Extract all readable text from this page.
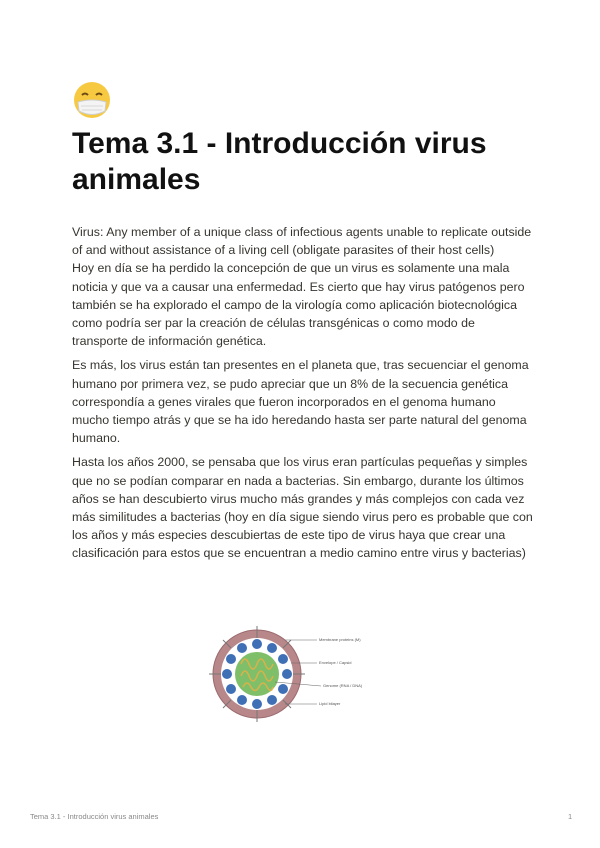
Tema 3.1 - Introducción virus animales

Virus: Any member of a unique class of infectious agents unable to replicate outside of and without assistance of a living cell (obligate parasites of their host cells)
Hoy en día se ha perdido la concepción de que un virus es solamente una mala noticia y que va a causar una enfermedad. Es cierto que hay virus patógenos pero también se ha explorado el campo de la virología como aplicación biotecnológica como podría ser par la creación de células transgénicas o como modo de transporte de información genética.

Es más, los virus están tan presentes en el planeta que, tras secuenciar el genoma humano por primera vez, se pudo apreciar que un 8% de la secuencia genética correspondía a genes virales que fueron incorporados en el genoma humano mucho tiempo atrás y que se ha ido heredando hasta ser parte natural del genoma humano.

Hasta los años 2000, se pensaba que los virus eran partículas pequeñas y simples que no se podían comparar en nada a bacterias. Sin embargo, durante los últimos años se han descubierto virus mucho más grandes y más complejos con cada vez más similitudes a bacterias (hoy en día sigue siendo virus pero es probable que con los años y más especies descubiertas de este tipo de virus haya que crear una clasificación para estos que se encuentran a medio camino entre virus y bacterias)

Membrane proteins (M)
Envelope / Capsid
Genome (RNA / DNA)
Lipid bilayer
Tema 3.1 - Introducción virus animales	1
